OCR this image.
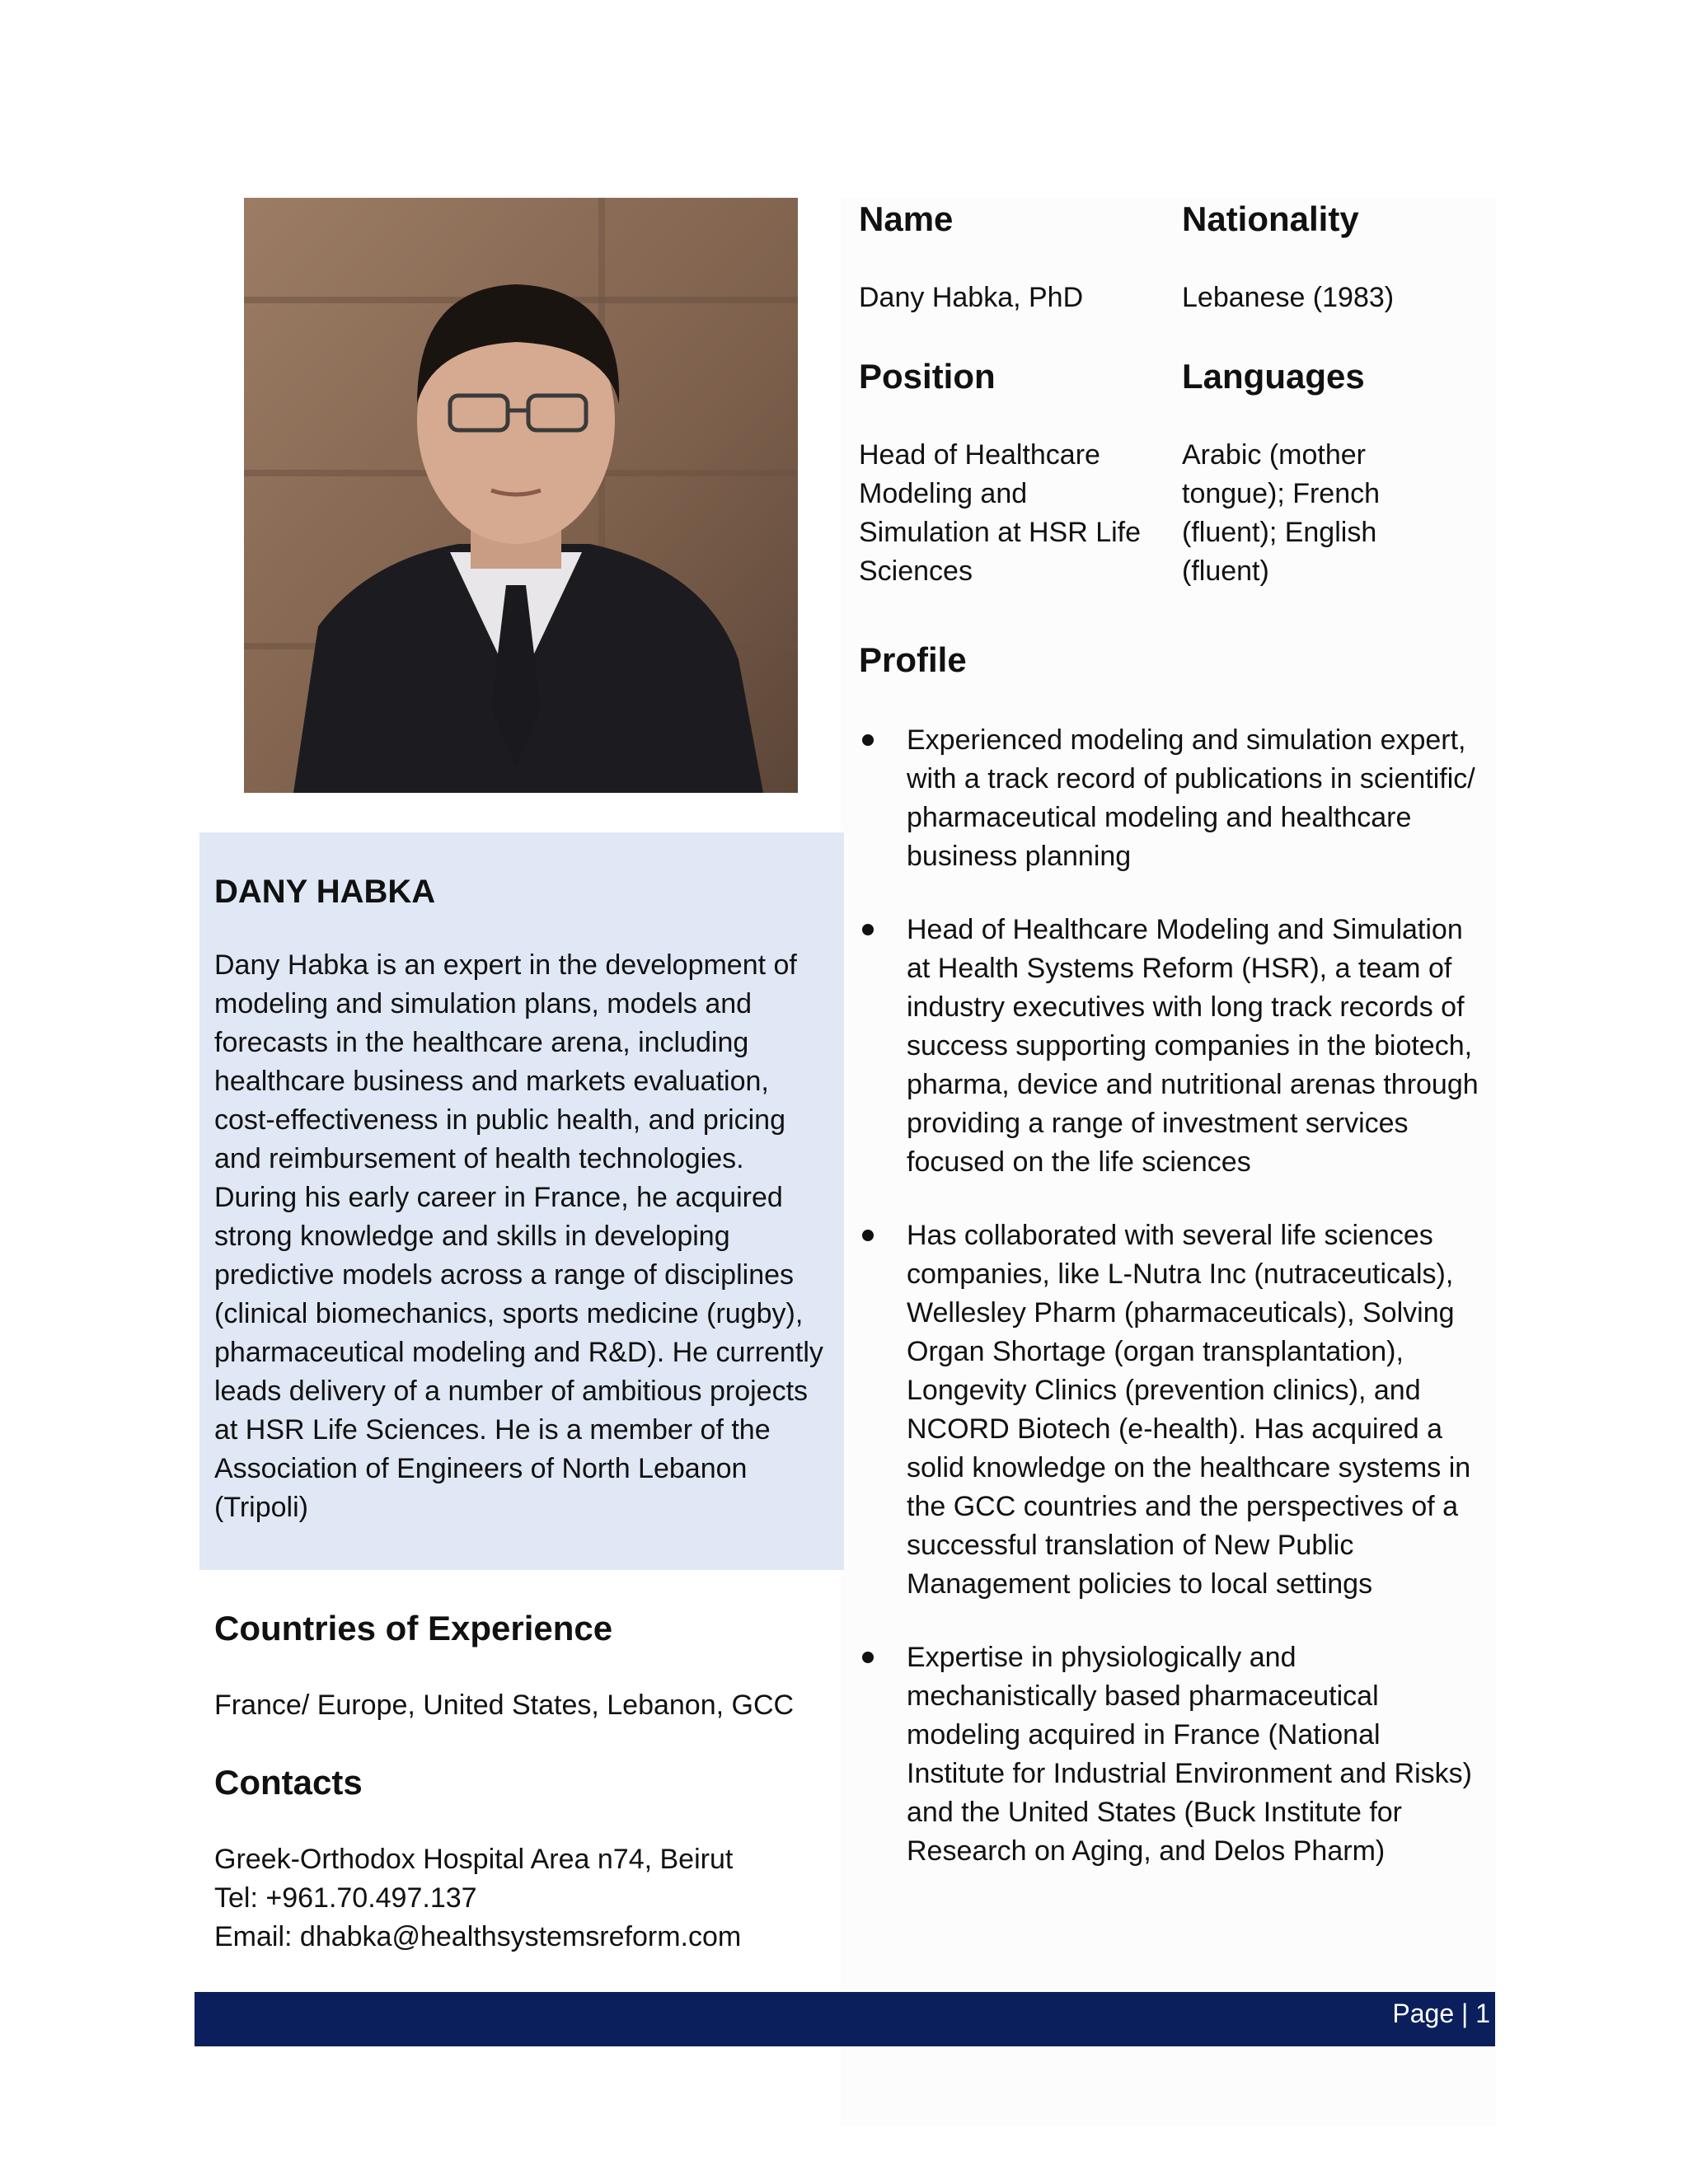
DANY HABKA

Dany Habka is an expert in the development of modeling and simulation plans, models and forecasts in the healthcare arena, including healthcare business and markets evaluation, cost-effectiveness in public health, and pricing and reimbursement of health technologies. During his early career in France, he acquired strong knowledge and skills in developing predictive models across a range of disciplines (clinical biomechanics, sports medicine (rugby), pharmaceutical modeling and R&D). He currently leads delivery of a number of ambitious projects at HSR Life Sciences. He is a member of the Association of Engineers of North Lebanon (Tripoli)

Countries of Experience

France/ Europe, United States, Lebanon, GCC

Contacts

Greek-Orthodox Hospital Area n74, Beirut

Tel: +961.70.497.137

Email: dhabka@healthsystemsreform.com

Name

Dany Habka, PhD

Position

Head of Healthcare Modeling and Simulation at HSR Life Sciences

Nationality

Lebanese (1983)

Languages

Arabic (mother tongue); French (fluent); English (fluent)

Profile
Experienced modeling and simulation expert, with a track record of publications in scientific/ pharmaceutical modeling and healthcare business planning
Head of Healthcare Modeling and Simulation at Health Systems Reform (HSR), a team of industry executives with long track records of success supporting companies in the biotech, pharma, device and nutritional arenas through providing a range of investment services focused on the life sciences
Has collaborated with several life sciences companies, like L-Nutra Inc (nutraceuticals), Wellesley Pharm (pharmaceuticals), Solving Organ Shortage (organ transplantation), Longevity Clinics (prevention clinics), and NCORD Biotech (e-health). Has acquired a solid knowledge on the healthcare systems in the GCC countries and the perspectives of a successful translation of New Public Management policies to local settings
Expertise in physiologically and mechanistically based pharmaceutical modeling acquired in France (National Institute for Industrial Environment and Risks) and the United States (Buck Institute for Research on Aging, and Delos Pharm)
Page | 1
